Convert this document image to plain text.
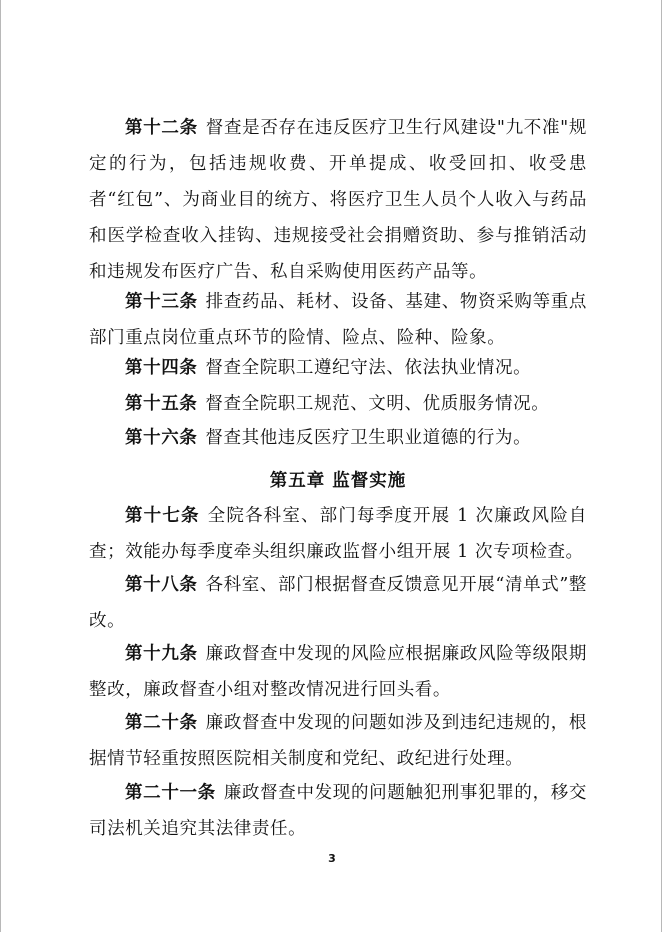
第十二条 督查是否存在违反医疗卫生行风建设"九不准"规定的行为，包括违规收费、开单提成、收受回扣、收受患者“红包”、为商业目的统方、将医疗卫生人员个人收入与药品和医学检查收入挂钩、违规接受社会捐赠资助、参与推销活动和违规发布医疗广告、私自采购使用医药产品等。

第十三条 排查药品、耗材、设备、基建、物资采购等重点部门重点岗位重点环节的险情、险点、险种、险象。

第十四条 督查全院职工遵纪守法、依法执业情况。

第十五条 督查全院职工规范、文明、优质服务情况。

第十六条 督查其他违反医疗卫生职业道德的行为。

第五章 监督实施

第十七条 全院各科室、部门每季度开展 1 次廉政风险自查；效能办每季度牵头组织廉政监督小组开展 1 次专项检查。

第十八条 各科室、部门根据督查反馈意见开展“清单式”整改。

第十九条 廉政督查中发现的风险应根据廉政风险等级限期整改，廉政督查小组对整改情况进行回头看。

第二十条 廉政督查中发现的问题如涉及到违纪违规的，根据情节轻重按照医院相关制度和党纪、政纪进行处理。

第二十一条 廉政督查中发现的问题触犯刑事犯罪的，移交司法机关追究其法律责任。

3
